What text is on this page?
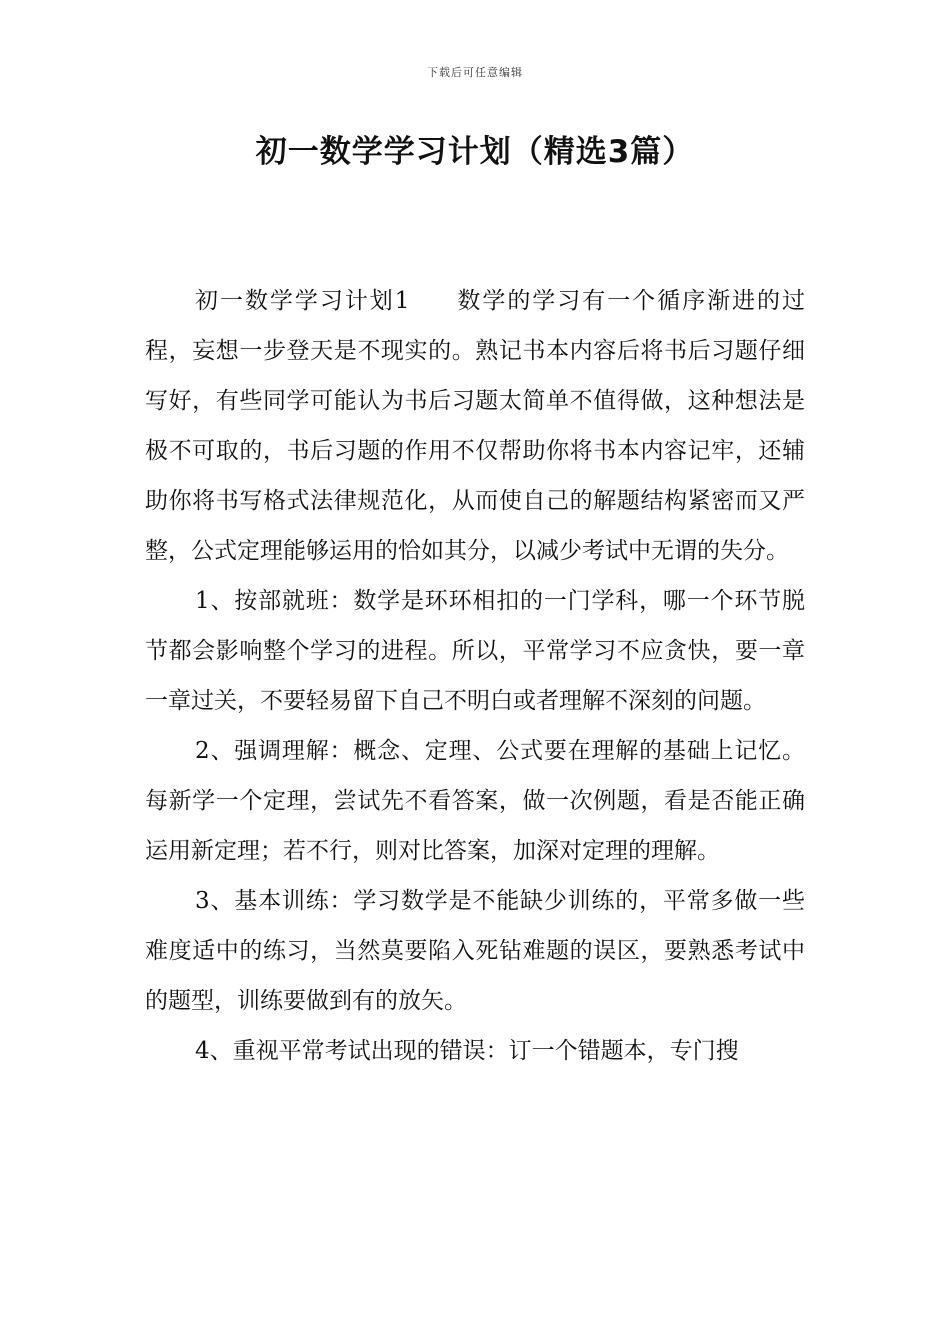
下载后可任意编辑
初一数学学习计划（精选3篇）

初一数学学习计划1 数学的学习有一个循序渐进的过程，妄想一步登天是不现实的。熟记书本内容后将书后习题仔细写好，有些同学可能认为书后习题太简单不值得做，这种想法是极不可取的，书后习题的作用不仅帮助你将书本内容记牢，还辅助你将书写格式法律规范化，从而使自己的解题结构紧密而又严整，公式定理能够运用的恰如其分，以减少考试中无谓的失分。

1、按部就班：数学是环环相扣的一门学科，哪一个环节脱节都会影响整个学习的进程。所以，平常学习不应贪快，要一章一章过关，不要轻易留下自己不明白或者理解不深刻的问题。

2、强调理解：概念、定理、公式要在理解的基础上记忆。每新学一个定理，尝试先不看答案，做一次例题，看是否能正确运用新定理；若不行，则对比答案，加深对定理的理解。

3、基本训练：学习数学是不能缺少训练的，平常多做一些难度适中的练习，当然莫要陷入死钻难题的误区，要熟悉考试中的题型，训练要做到有的放矢。

4、重视平常考试出现的错误：订一个错题本，专门搜
